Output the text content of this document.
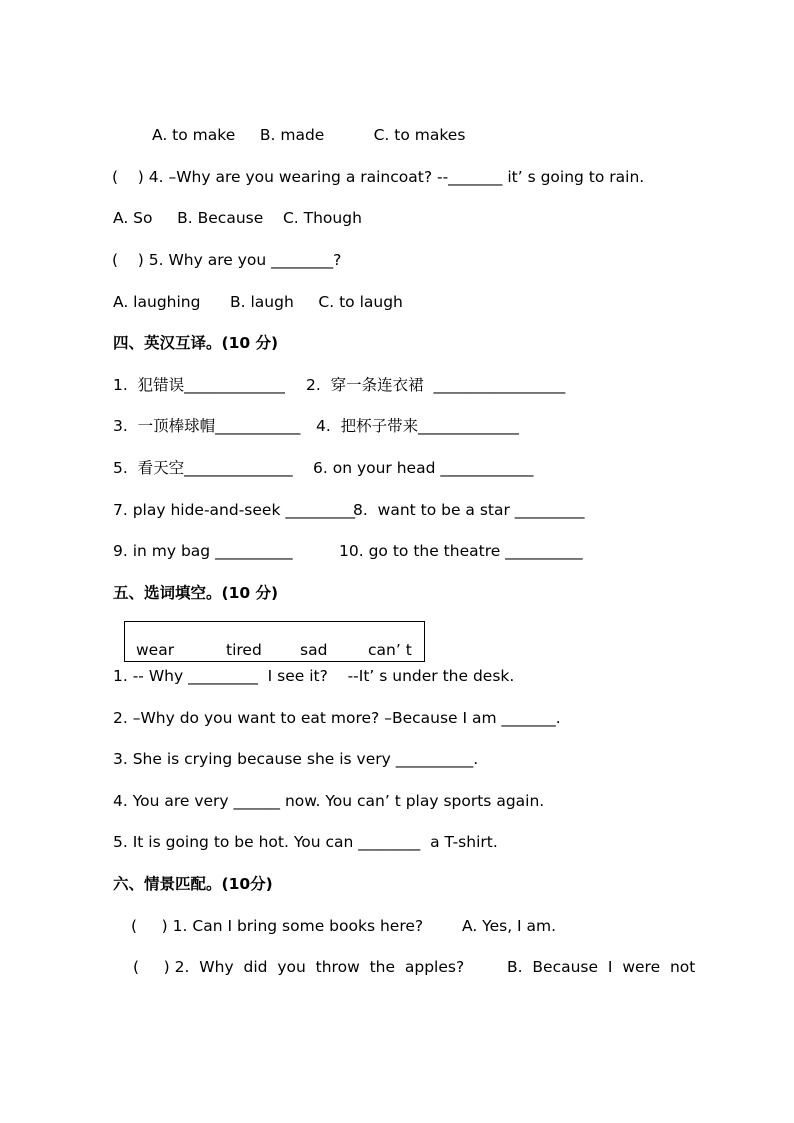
A. to make     B. made          C. to makes
(    ) 4. –Why are you wearing a raincoat? --_______ it’ s going to rain.
A. So     B. Because    C. Though
(    ) 5. Why are you ________?
A. laughing      B. laugh     C. to laugh
四、英汉互译。(10 分)
1.  犯错误_____________ 2.  穿一条连衣裙  _________________
3.  一顶棒球帽___________ 4.  把杯子带来_____________
5.  看天空______________ 6. on your head ____________
7. play hide-and-seek _________
8.  want to be a star _________
9. in my bag __________	10. go to the theatre __________
五、选词填空。(10 分)
wear	tired sad	can’ t
1. -- Why _________  I see it?    --It’ s under the desk.
2. –Why do you want to eat more? –Because I am _______.
3. She is crying because she is very __________.
4. You are very ______ now. You can’ t play sports again.
5. It is going to be hot. You can ________  a T-shirt.
六、情景匹配。(10分)
(     ) 1. Can I bring some books here?	A. Yes, I am.
(     ) 2.  Why  did  you  throw  the  apples?	B.  Because  I  were  not
